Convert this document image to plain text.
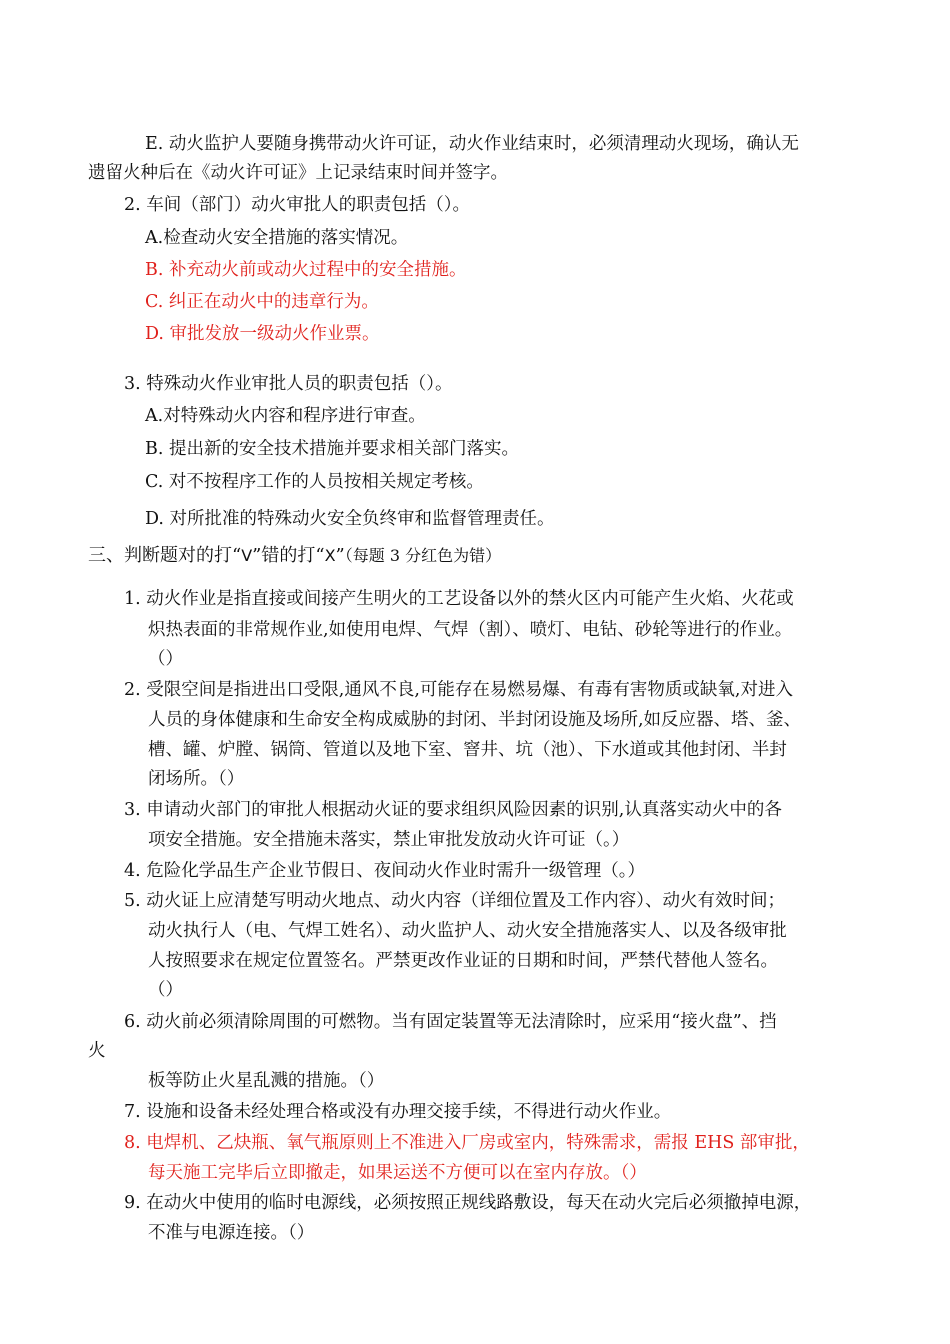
E. 动火监护人要随身携带动火许可证，动火作业结束时，必须清理动火现场，确认无
遗留火种后在《动火许可证》上记录结束时间并签字。
2. 车间（部门）动火审批人的职责包括（）。
A.检查动火安全措施的落实情况。
B. 补充动火前或动火过程中的安全措施。
C. 纠正在动火中的违章行为。
D. 审批发放一级动火作业票。
3. 特殊动火作业审批人员的职责包括（）。
A.对特殊动火内容和程序进行审查。
B. 提出新的安全技术措施并要求相关部门落实。
C. 对不按程序工作的人员按相关规定考核。
D. 对所批准的特殊动火安全负终审和监督管理责任。
三、判断题对的打“V”错的打“X”（每题 3 分红色为错）
1. 动火作业是指直接或间接产生明火的工艺设备以外的禁火区内可能产生火焰、火花或
炽热表面的非常规作业,如使用电焊、气焊（割）、喷灯、电钻、砂轮等进行的作业。
（）
2. 受限空间是指进出口受限,通风不良,可能存在易燃易爆、有毒有害物质或缺氧,对进入
人员的身体健康和生命安全构成威胁的封闭、半封闭设施及场所,如反应器、塔、釜、
槽、罐、炉膛、锅筒、管道以及地下室、窨井、坑（池）、下水道或其他封闭、半封
闭场所。（）
3. 申请动火部门的审批人根据动火证的要求组织风险因素的识别,认真落实动火中的各
项安全措施。安全措施未落实，禁止审批发放动火许可证（。）
4. 危险化学品生产企业节假日、夜间动火作业时需升一级管理（。）
5. 动火证上应清楚写明动火地点、动火内容（详细位置及工作内容）、动火有效时间；
动火执行人（电、气焊工姓名）、动火监护人、动火安全措施落实人、以及各级审批
人按照要求在规定位置签名。严禁更改作业证的日期和时间，严禁代替他人签名。
（）
6. 动火前必须清除周围的可燃物。当有固定装置等无法清除时，应采用“接火盘”、挡
火
板等防止火星乱溅的措施。（）
7. 设施和设备未经处理合格或没有办理交接手续，不得进行动火作业。
8. 电焊机、乙炔瓶、氧气瓶原则上不准进入厂房或室内，特殊需求，需报 EHS 部审批，
每天施工完毕后立即撤走，如果运送不方便可以在室内存放。（）
9. 在动火中使用的临时电源线，必须按照正规线路敷设，每天在动火完后必须撤掉电源，
不准与电源连接。（）
